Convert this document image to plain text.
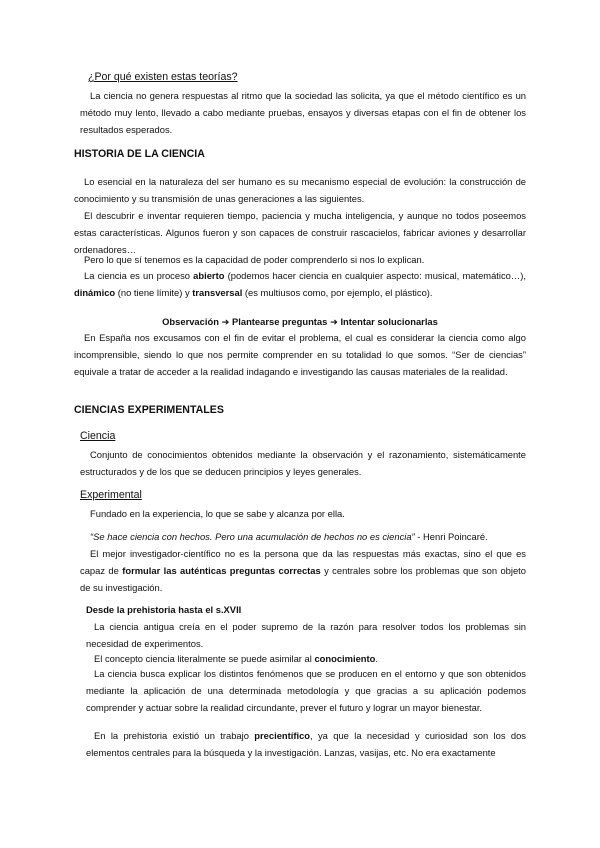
¿Por qué existen estas teorías?

La ciencia no genera respuestas al ritmo que la sociedad las solicita, ya que el método científico es un método muy lento, llevado a cabo mediante pruebas, ensayos y diversas etapas con el fin de obtener los resultados esperados.

HISTORIA DE LA CIENCIA

Lo esencial en la naturaleza del ser humano es su mecanismo especial de evolución: la construcción de conocimiento y su transmisión de unas generaciones a las siguientes.

El descubrir e inventar requieren tiempo, paciencia y mucha inteligencia, y aunque no todos poseemos estas características. Algunos fueron y son capaces de construir rascacielos, fabricar aviones y desarrollar ordenadores…

Pero lo que sí tenemos es la capacidad de poder comprenderlo si nos lo explican.

La ciencia es un proceso abierto (podemos hacer ciencia en cualquier aspecto: musical, matemático…), dinámico (no tiene límite) y transversal (es multiusos como, por ejemplo, el plástico).

Observación ➜ Plantearse preguntas ➜ Intentar solucionarlas

En España nos excusamos con el fin de evitar el problema, el cual es considerar la ciencia como algo incomprensible, siendo lo que nos permite comprender en su totalidad lo que somos. “Ser de ciencias” equivale a tratar de acceder a la realidad indagando e investigando las causas materiales de la realidad.

CIENCIAS EXPERIMENTALES

Ciencia

Conjunto de conocimientos obtenidos mediante la observación y el razonamiento, sistemáticamente estructurados y de los que se deducen principios y leyes generales.

Experimental

Fundado en la experiencia, lo que se sabe y alcanza por ella.

“Se hace ciencia con hechos. Pero una acumulación de hechos no es ciencia” - Henri Poincaré.

El mejor investigador-científico no es la persona que da las respuestas más exactas, sino el que es capaz de formular las auténticas preguntas correctas y centrales sobre los problemas que son objeto de su investigación.

Desde la prehistoria hasta el s.XVII

La ciencia antigua creía en el poder supremo de la razón para resolver todos los problemas sin necesidad de experimentos.

El concepto ciencia literalmente se puede asimilar al conocimiento.

La ciencia busca explicar los distintos fenómenos que se producen en el entorno y que son obtenidos mediante la aplicación de una determinada metodología y que gracias a su aplicación podemos comprender y actuar sobre la realidad circundante, prever el futuro y lograr un mayor bienestar.

En la prehistoria existió un trabajo precientífico, ya que la necesidad y curiosidad son los dos elementos centrales para la búsqueda y la investigación. Lanzas, vasijas, etc. No era exactamente
